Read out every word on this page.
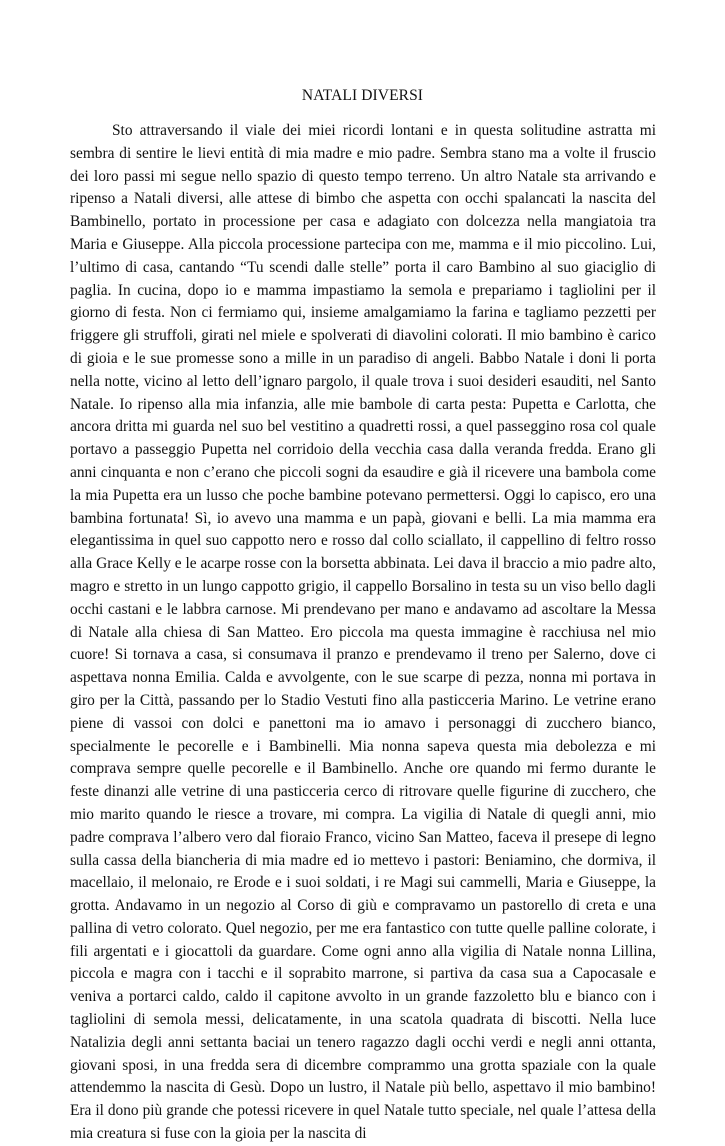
NATALI DIVERSI

Sto attraversando il viale dei miei ricordi lontani e in questa solitudine astratta mi sembra di sentire le lievi entità di mia madre e mio padre. Sembra stano ma a volte il fruscio dei loro passi mi segue nello spazio di questo tempo terreno. Un altro Natale sta arrivando e ripenso a Natali diversi, alle attese di bimbo che aspetta con occhi spalancati la nascita del Bambinello, portato in processione per casa e adagiato con dolcezza nella mangiatoia tra Maria e Giuseppe. Alla piccola processione partecipa con me, mamma e il mio piccolino. Lui, l’ultimo di casa, cantando “Tu scendi dalle stelle” porta il caro Bambino al suo giaciglio di paglia. In cucina, dopo io e mamma impastiamo la semola e prepariamo i tagliolini per il giorno di festa. Non ci fermiamo qui, insieme amalgamiamo la farina e tagliamo pezzetti per friggere gli struffoli, girati nel miele e spolverati di diavolini colorati. Il mio bambino è carico di gioia e le sue promesse sono a mille in un paradiso di angeli. Babbo Natale i doni li porta nella notte, vicino al letto dell’ignaro pargolo, il quale trova i suoi desideri esauditi, nel Santo Natale. Io ripenso alla mia infanzia, alle mie bambole di carta pesta: Pupetta e Carlotta, che ancora dritta mi guarda nel suo bel vestitino a quadretti rossi, a quel passeggino rosa col quale portavo a passeggio Pupetta nel corridoio della vecchia casa dalla veranda fredda. Erano gli anni cinquanta e non c’erano che piccoli sogni da esaudire e già il ricevere una bambola come la mia Pupetta era un lusso che poche bambine potevano permettersi. Oggi lo capisco, ero una bambina fortunata! Sì, io avevo una mamma e un papà, giovani e belli. La mia mamma era elegantissima in quel suo cappotto nero e rosso dal collo sciallato, il cappellino di feltro rosso alla Grace Kelly e le acarpe rosse con la borsetta abbinata. Lei dava il braccio a mio padre alto, magro e stretto in un lungo cappotto grigio, il cappello Borsalino in testa su un viso bello dagli occhi castani e le labbra carnose. Mi prendevano per mano e andavamo ad ascoltare la Messa di Natale alla chiesa di San Matteo. Ero piccola ma questa immagine è racchiusa nel mio cuore! Si tornava a casa, si consumava il pranzo e prendevamo il treno per Salerno, dove ci aspettava nonna Emilia. Calda e avvolgente, con le sue scarpe di pezza, nonna mi portava in giro per la Città, passando per lo Stadio Vestuti fino alla pasticceria Marino. Le vetrine erano piene di vassoi con dolci e panettoni ma io amavo i personaggi di zucchero bianco, specialmente le pecorelle e i Bambinelli. Mia nonna sapeva questa mia debolezza e mi comprava sempre quelle pecorelle e il Bambinello. Anche ore quando mi fermo durante le feste dinanzi alle vetrine di una pasticceria cerco di ritrovare quelle figurine di zucchero, che mio marito quando le riesce a trovare, mi compra. La vigilia di Natale di quegli anni, mio padre comprava l’albero vero dal fioraio Franco, vicino San Matteo, faceva il presepe di legno sulla cassa della biancheria di mia madre ed io mettevo i pastori: Beniamino, che dormiva, il macellaio, il melonaio, re Erode e i suoi soldati, i re Magi sui cammelli, Maria e Giuseppe, la grotta. Andavamo in un negozio al Corso di giù e compravamo un pastorello di creta e una pallina di vetro colorato. Quel negozio, per me era fantastico con tutte quelle palline colorate, i fili argentati e i giocattoli da guardare. Come ogni anno alla vigilia di Natale nonna Lillina, piccola e magra con i tacchi e il soprabito marrone, si partiva da casa sua a Capocasale e veniva a portarci caldo, caldo il capitone avvolto in un grande fazzoletto blu e bianco con i tagliolini di semola messi, delicatamente, in una scatola quadrata di biscotti. Nella luce Natalizia degli anni settanta baciai un tenero ragazzo dagli occhi verdi e negli anni ottanta, giovani sposi, in una fredda sera di dicembre comprammo una grotta spaziale con la quale attendemmo la nascita di Gesù. Dopo un lustro, il Natale più bello, aspettavo il mio bambino! Era il dono più grande che potessi ricevere in quel Natale tutto speciale, nel quale l’attesa della mia creatura si fuse con la gioia per la nascita di
